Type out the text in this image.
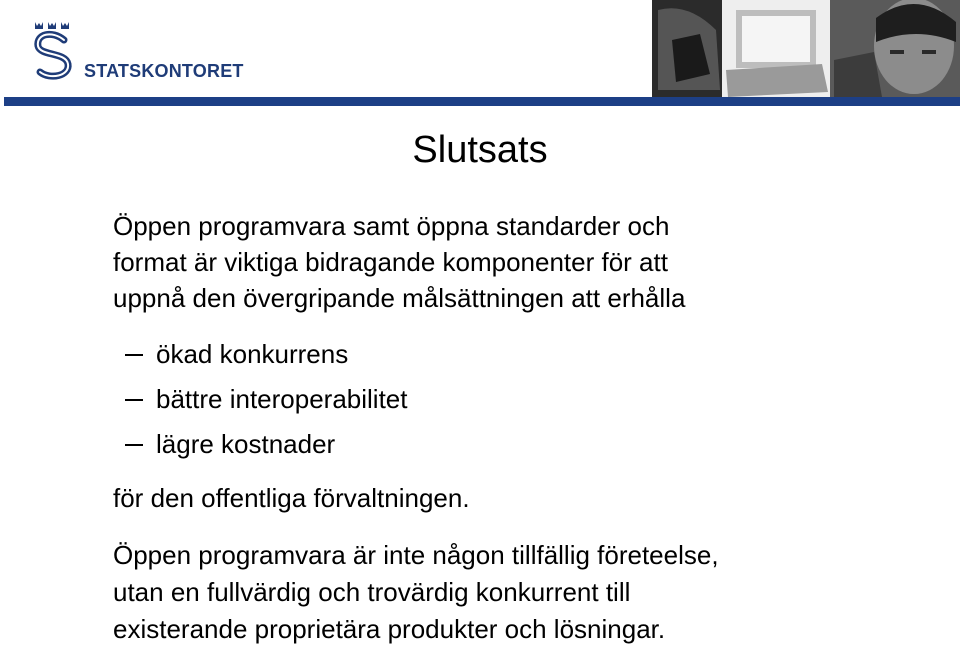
STATSKONTORET
Slutsats

Öppen programvara samt öppna standarder och
format är viktiga bidragande komponenter för att
uppnå den övergripande målsättningen att erhålla

ökad konkurrens
bättre interoperabilitet
lägre kostnader

för den offentliga förvaltningen.

Öppen programvara är inte någon tillfällig företeelse,
utan en fullvärdig och trovärdig konkurrent till
existerande proprietära produkter och lösningar.
